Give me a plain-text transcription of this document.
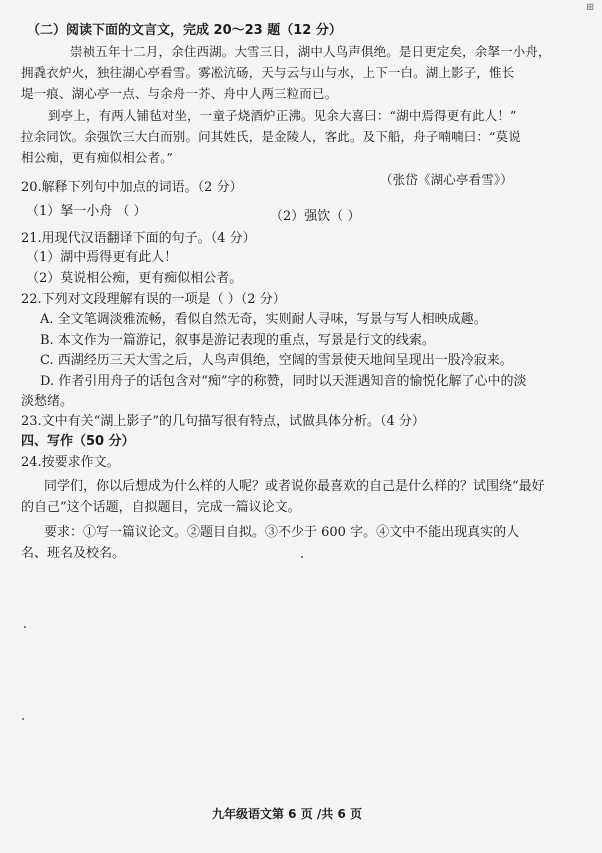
⊞
（二）阅读下面的文言文，完成 20～23 题（12 分）
崇祯五年十二月，余住西湖。大雪三日，湖中人鸟声俱绝。是日更定矣，余拏一小舟，
拥毳衣炉火，独往湖心亭看雪。雾凇沆砀，天与云与山与水，上下一白。湖上影子，惟长
堤一痕、湖心亭一点、与余舟一芥、舟中人两三粒而已。
到亭上，有两人铺毡对坐，一童子烧酒炉正沸。见余大喜曰：“湖中焉得更有此人！”
拉余同饮。余强饮三大白而别。问其姓氏，是金陵人，客此。及下船，舟子喃喃曰：“莫说
相公痴，更有痴似相公者。”
（张岱《湖心亭看雪》）
20.解释下列句中加点的词语。（2 分）
（1）拏一小舟 （ ）	（2）强饮（ ）
21.用现代汉语翻译下面的句子。（4 分）
（1）湖中焉得更有此人！
（2）莫说相公痴，更有痴似相公者。
22.下列对文段理解有误的一项是（ ）（2 分）
A. 全文笔调淡雅流畅，看似自然无奇，实则耐人寻味，写景与写人相映成趣。
B. 本文作为一篇游记，叙事是游记表现的重点，写景是行文的线索。
C. 西湖经历三天大雪之后，人鸟声俱绝，空阔的雪景使天地间呈现出一股冷寂来。
D. 作者引用舟子的话包含对“痴”字的称赞，同时以天涯遇知音的愉悦化解了心中的淡
淡愁绪。
23.文中有关“湖上影子”的几句描写很有特点，试做具体分析。（4 分）
四、写作（50 分）
24.按要求作文。
同学们，你以后想成为什么样的人呢？或者说你最喜欢的自己是什么样的？试围绕“最好
的自己”这个话题，自拟题目，完成一篇议论文。
要求：①写一篇议论文。②题目自拟。③不少于 600 字。④文中不能出现真实的人
名、班名及校名。
九年级语文第 6 页 /共 6 页
